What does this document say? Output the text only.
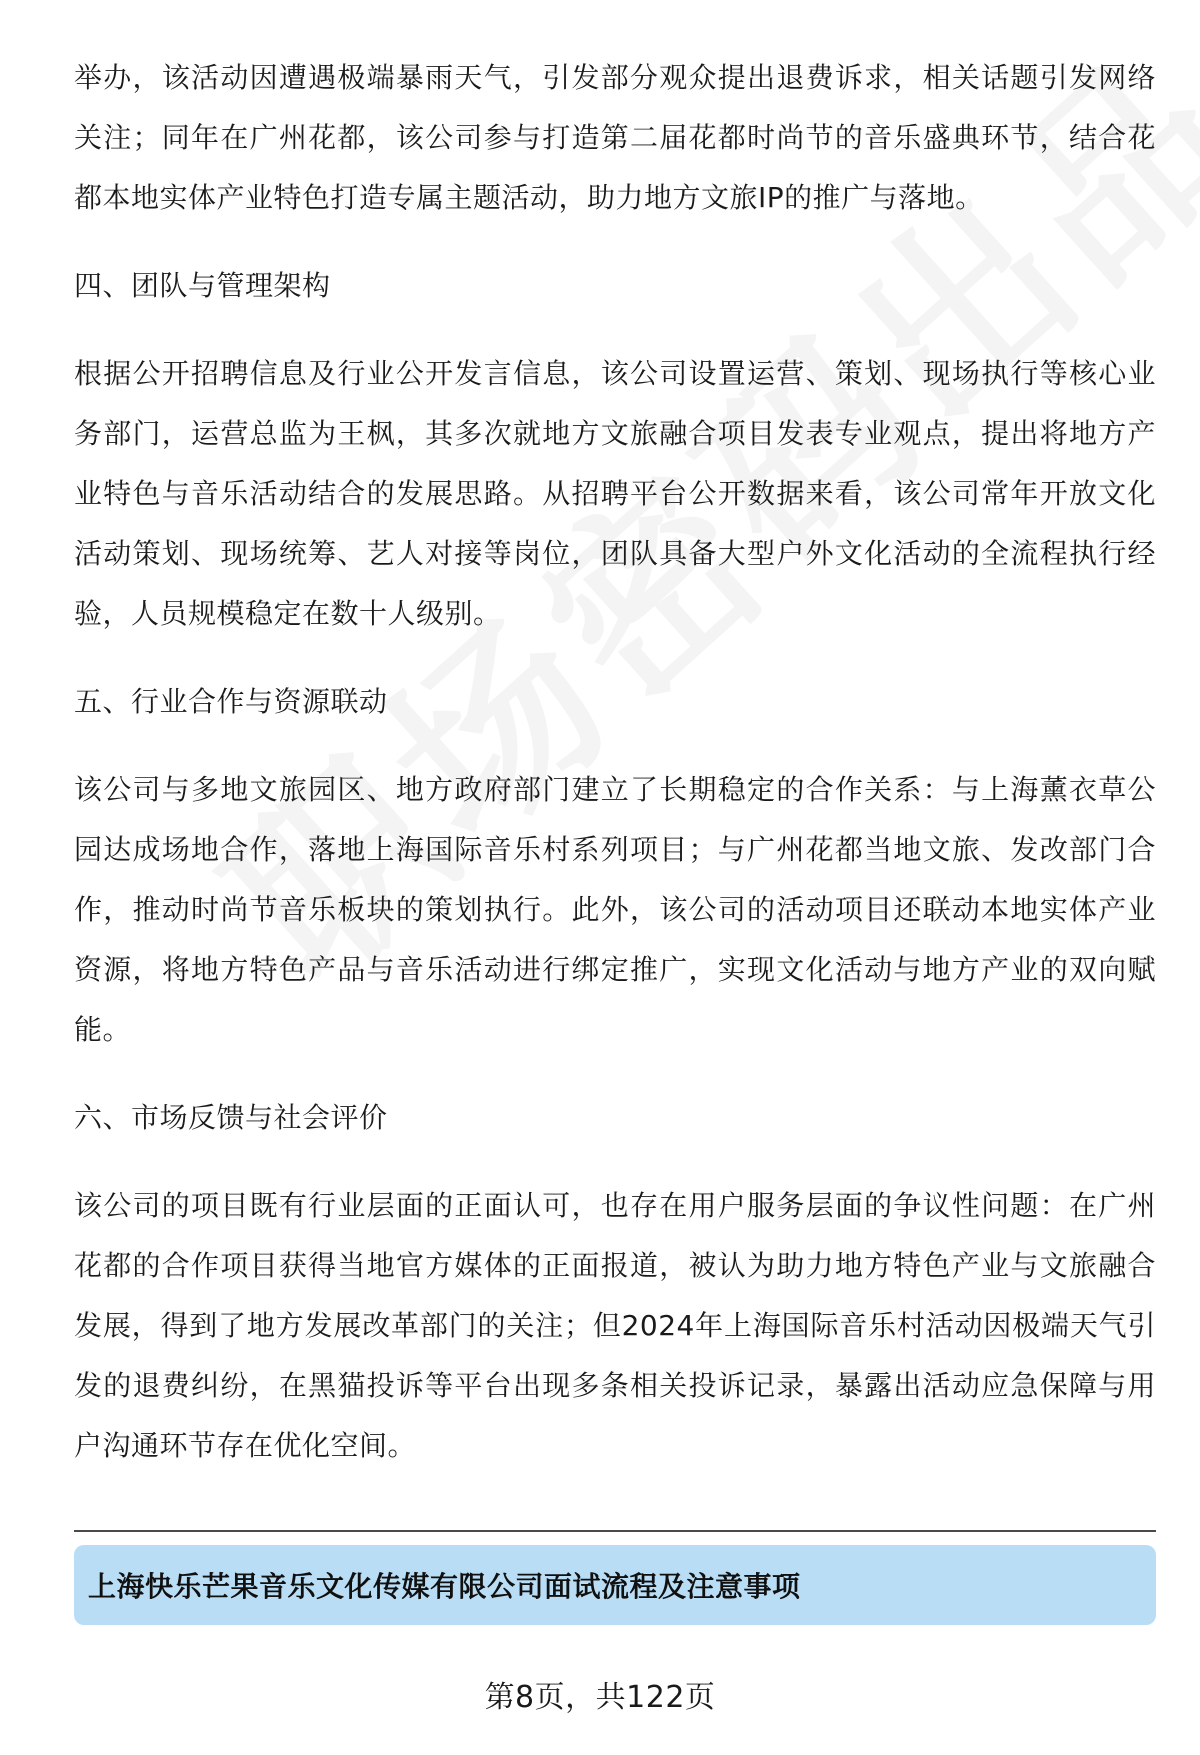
举办，该活动因遭遇极端暴雨天气，引发部分观众提出退费诉求，相关话题引发网络关注；同年在广州花都，该公司参与打造第二届花都时尚节的音乐盛典环节，结合花都本地实体产业特色打造专属主题活动，助力地方文旅IP的推广与落地。

四、团队与管理架构

根据公开招聘信息及行业公开发言信息，该公司设置运营、策划、现场执行等核心业务部门，运营总监为王枫，其多次就地方文旅融合项目发表专业观点，提出将地方产业特色与音乐活动结合的发展思路。从招聘平台公开数据来看，该公司常年开放文化活动策划、现场统筹、艺人对接等岗位，团队具备大型户外文化活动的全流程执行经验，人员规模稳定在数十人级别。

五、行业合作与资源联动

该公司与多地文旅园区、地方政府部门建立了长期稳定的合作关系：与上海薰衣草公园达成场地合作，落地上海国际音乐村系列项目；与广州花都当地文旅、发改部门合作，推动时尚节音乐板块的策划执行。此外，该公司的活动项目还联动本地实体产业资源，将地方特色产品与音乐活动进行绑定推广，实现文化活动与地方产业的双向赋能。

六、市场反馈与社会评价

该公司的项目既有行业层面的正面认可，也存在用户服务层面的争议性问题：在广州花都的合作项目获得当地官方媒体的正面报道，被认为助力地方特色产业与文旅融合发展，得到了地方发展改革部门的关注；但2024年上海国际音乐村活动因极端天气引发的退费纠纷，在黑猫投诉等平台出现多条相关投诉记录，暴露出活动应急保障与用户沟通环节存在优化空间。

上海快乐芒果音乐文化传媒有限公司面试流程及注意事项
第8页，共122页
